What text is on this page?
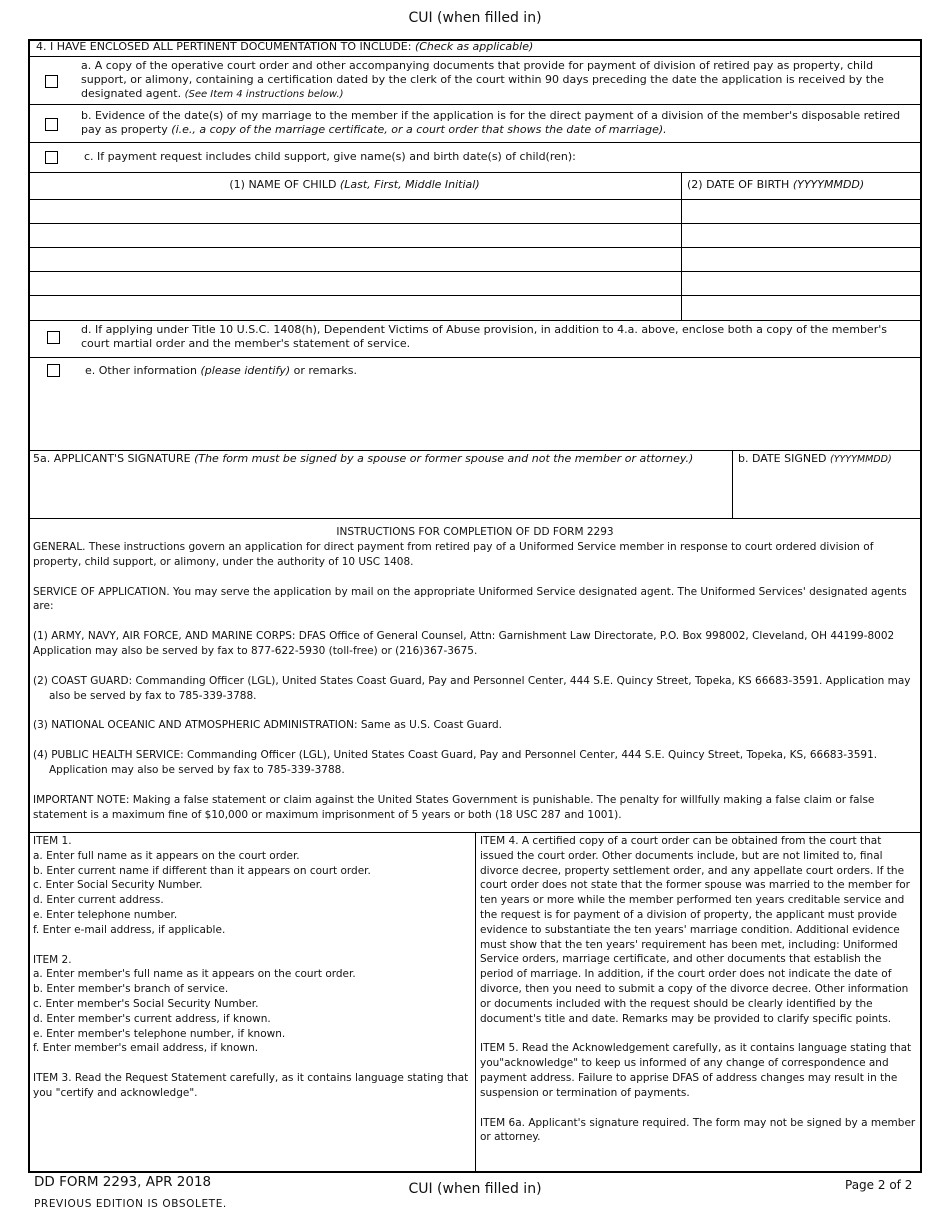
CUI (when filled in)
4. I HAVE ENCLOSED ALL PERTINENT DOCUMENTATION TO INCLUDE: (Check as applicable)
a. A copy of the operative court order and other accompanying documents that provide for payment of division of retired pay as property, child support, or alimony, containing a certification dated by the clerk of the court within 90 days preceding the date the application is received by the designated agent. (See Item 4 instructions below.)
b. Evidence of the date(s) of my marriage to the member if the application is for the direct payment of a division of the member's disposable retired pay as property (i.e., a copy of the marriage certificate, or a court order that shows the date of marriage).
c. If payment request includes child support, give name(s) and birth date(s) of child(ren):
(1) NAME OF CHILD (Last, First, Middle Initial)	(2) DATE OF BIRTH (YYYYMMDD)
d. If applying under Title 10 U.S.C. 1408(h), Dependent Victims of Abuse provision, in addition to 4.a. above, enclose both a copy of the member's court martial order and the member's statement of service.
e. Other information (please identify) or remarks.
5a. APPLICANT'S SIGNATURE (The form must be signed by a spouse or former spouse and not the member or attorney.)	b. DATE SIGNED (YYYYMMDD)
INSTRUCTIONS FOR COMPLETION OF DD FORM 2293

GENERAL. These instructions govern an application for direct payment from retired pay of a Uniformed Service member in response to court ordered division of property, child support, or alimony, under the authority of 10 USC 1408.

SERVICE OF APPLICATION. You may serve the application by mail on the appropriate Uniformed Service designated agent. The Uniformed Services' designated agents are:

(1) ARMY, NAVY, AIR FORCE, AND MARINE CORPS: DFAS Office of General Counsel, Attn: Garnishment Law Directorate, P.O. Box 998002, Cleveland, OH 44199-8002 Application may also be served by fax to 877-622-5930 (toll-free) or (216)367-3675.

(2) COAST GUARD: Commanding Officer (LGL), United States Coast Guard, Pay and Personnel Center, 444 S.E. Quincy Street, Topeka, KS 66683-3591. Application may also be served by fax to 785-339-3788.

(3) NATIONAL OCEANIC AND ATMOSPHERIC ADMINISTRATION: Same as U.S. Coast Guard.

(4) PUBLIC HEALTH SERVICE: Commanding Officer (LGL), United States Coast Guard, Pay and Personnel Center, 444 S.E. Quincy Street, Topeka, KS, 66683-3591. Application may also be served by fax to 785-339-3788.

IMPORTANT NOTE: Making a false statement or claim against the United States Government is punishable. The penalty for willfully making a false claim or false statement is a maximum fine of $10,000 or maximum imprisonment of 5 years or both (18 USC 287 and 1001).

ITEM 1.

a. Enter full name as it appears on the court order.

b. Enter current name if different than it appears on court order.

c. Enter Social Security Number.

d. Enter current address.

e. Enter telephone number.

f. Enter e-mail address, if applicable.

ITEM 2.

a. Enter member's full name as it appears on the court order.

b. Enter member's branch of service.

c. Enter member's Social Security Number.

d. Enter member's current address, if known.

e. Enter member's telephone number, if known.

f. Enter member's email address, if known.

ITEM 3. Read the Request Statement carefully, as it contains language stating that you "certify and acknowledge".

ITEM 4. A certified copy of a court order can be obtained from the court that issued the court order. Other documents include, but are not limited to, final divorce decree, property settlement order, and any appellate court orders. If the court order does not state that the former spouse was married to the member for ten years or more while the member performed ten years creditable service and the request is for payment of a division of property, the applicant must provide evidence to substantiate the ten years' marriage condition. Additional evidence must show that the ten years' requirement has been met, including: Uniformed Service orders, marriage certificate, and other documents that establish the period of marriage. In addition, if the court order does not indicate the date of divorce, then you need to submit a copy of the divorce decree. Other information or documents included with the request should be clearly identified by the document's title and date. Remarks may be provided to clarify specific points.

ITEM 5. Read the Acknowledgement carefully, as it contains language stating that you"acknowledge" to keep us informed of any change of correspondence and payment address. Failure to apprise DFAS of address changes may result in the suspension or termination of payments.

ITEM 6a. Applicant's signature required. The form may not be signed by a member or attorney.

DD FORM 2293, APR 2018
PREVIOUS EDITION IS OBSOLETE.
CUI (when filled in)	Page 2 of 2
